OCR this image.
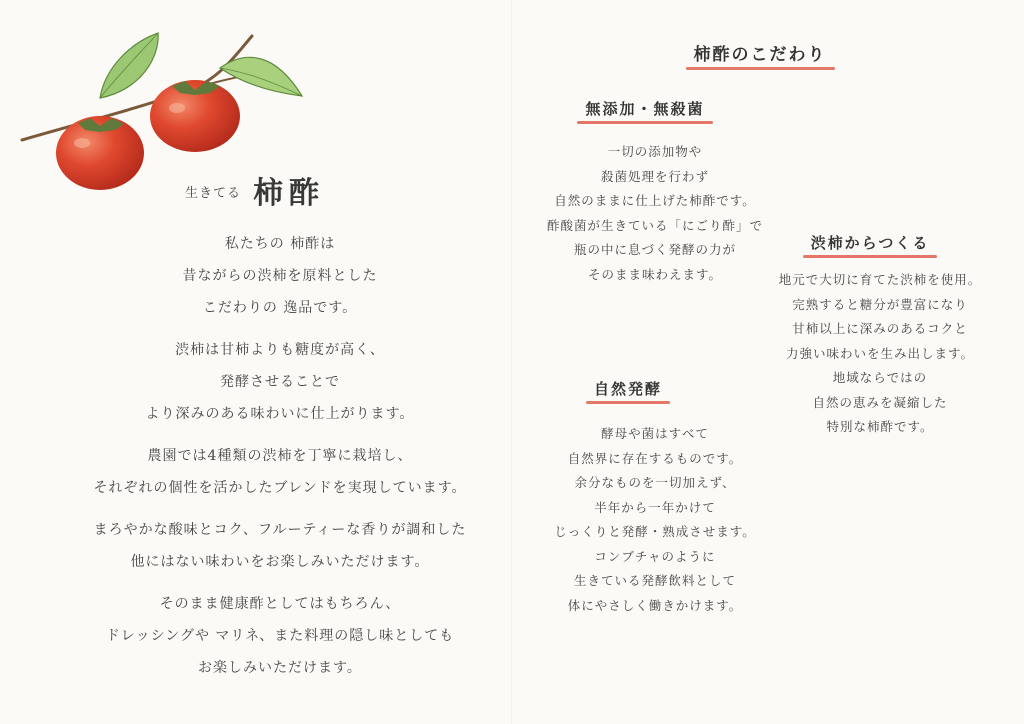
生きてる 柿酢
私たちの 柿酢は
昔ながらの渋柿を原料とした
こだわりの 逸品です。
渋柿は甘柿よりも糖度が高く、
発酵させることで
より深みのある味わいに仕上がります。
農園では4種類の渋柿を丁寧に栽培し、
それぞれの個性を活かしたブレンドを実現しています。
まろやかな酸味とコク、フルーティーな香りが調和した
他にはない味わいをお楽しみいただけます。
そのまま健康酢としてはもちろん、
ドレッシングや マリネ、また料理の隠し味としても
お楽しみいただけます。
柿酢のこだわり
無添加・無殺菌
一切の添加物や
殺菌処理を行わず
自然のままに仕上げた柿酢です。
酢酸菌が生きている「にごり酢」で
瓶の中に息づく発酵の力が
そのまま味わえます。
渋柿からつくる
地元で大切に育てた渋柿を使用。
完熟すると糖分が豊富になり
甘柿以上に深みのあるコクと
力強い味わいを生み出します。
地域ならではの
自然の恵みを凝縮した
特別な柿酢です。
自然発酵
酵母や菌はすべて
自然界に存在するものです。
余分なものを一切加えず、
半年から一年かけて
じっくりと発酵・熟成させます。
コンブチャのように
生きている発酵飲料として
体にやさしく働きかけます。
